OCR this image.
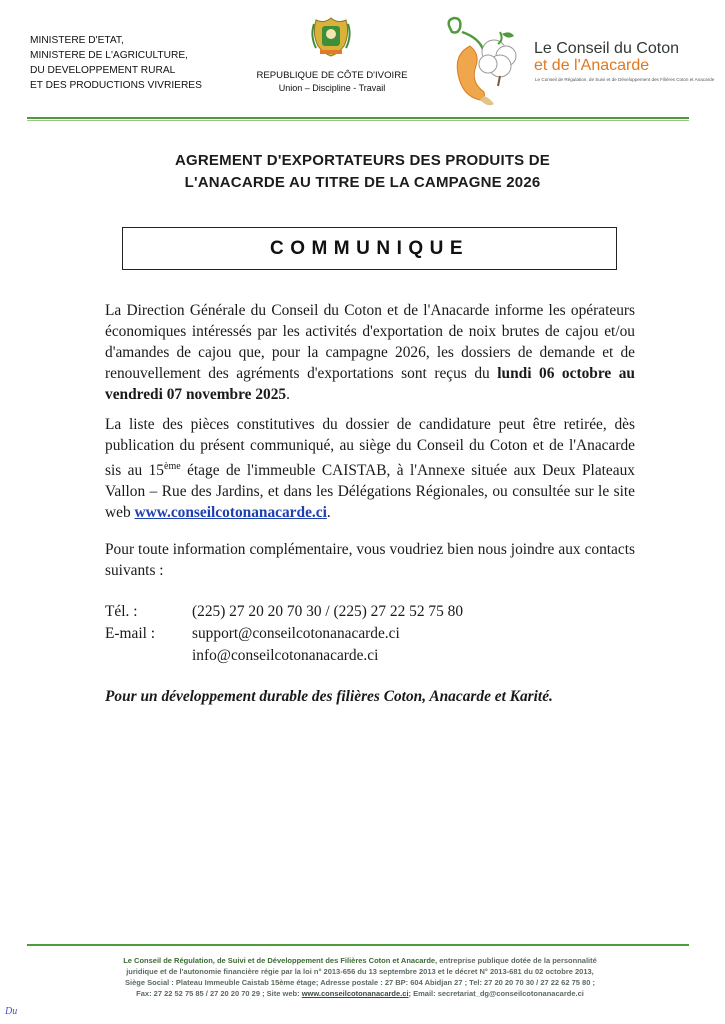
MINISTERE D'ETAT,
MINISTERE DE L'AGRICULTURE,
DU DEVELOPPEMENT RURAL
ET DES PRODUCTIONS VIVRIERES
REPUBLIQUE DE CÔTE D'IVOIRE
Union – Discipline - Travail
Le Conseil du Coton
et de l'Anacarde
Le Conseil de Régulation, de Suivi et de Développement des Filières Coton et Anacarde
AGREMENT D'EXPORTATEURS DES PRODUITS DE
L'ANACARDE AU TITRE DE LA CAMPAGNE 2026
COMMUNIQUE
La Direction Générale du Conseil du Coton et de l'Anacarde informe les opérateurs économiques intéressés par les activités d'exportation de noix brutes de cajou et/ou d'amandes de cajou que, pour la campagne 2026, les dossiers de demande et de renouvellement des agréments d'exportations sont reçus du lundi 06 octobre au vendredi 07 novembre 2025.
La liste des pièces constitutives du dossier de candidature peut être retirée, dès publication du présent communiqué, au siège du Conseil du Coton et de l'Anacarde sis au 15ème étage de l'immeuble CAISTAB, à l'Annexe située aux Deux Plateaux Vallon – Rue des Jardins, et dans les Délégations Régionales, ou consultée sur le site web www.conseilcotonanacarde.ci.
Pour toute information complémentaire, vous voudriez bien nous joindre aux contacts suivants :
Tél. :	(225) 27 20 20 70 30 / (225) 27 22 52 75 80
E-mail : support@conseilcotonanacarde.ci
info@conseilcotonanacarde.ci
Pour un développement durable des filières Coton, Anacarde et Karité.
Le Conseil de Régulation, de Suivi et de Développement des Filières Coton et Anacarde, entreprise publique dotée de la personnalité
juridique et de l'autonomie financière régie par la loi n° 2013-656 du 13 septembre 2013 et le décret N° 2013-681 du 02 octobre 2013,
Siège Social : Plateau Immeuble Caistab 15ème étage; Adresse postale : 27 BP: 604 Abidjan 27 ; Tel: 27 20 20 70 30 / 27 22 62 75 80 ;
Fax: 27 22 52 75 85 / 27 20 20 70 29 ; Site web: www.conseilcotonanacarde.ci; Email: secretariat_dg@conseilcotonanacarde.ci
Du
